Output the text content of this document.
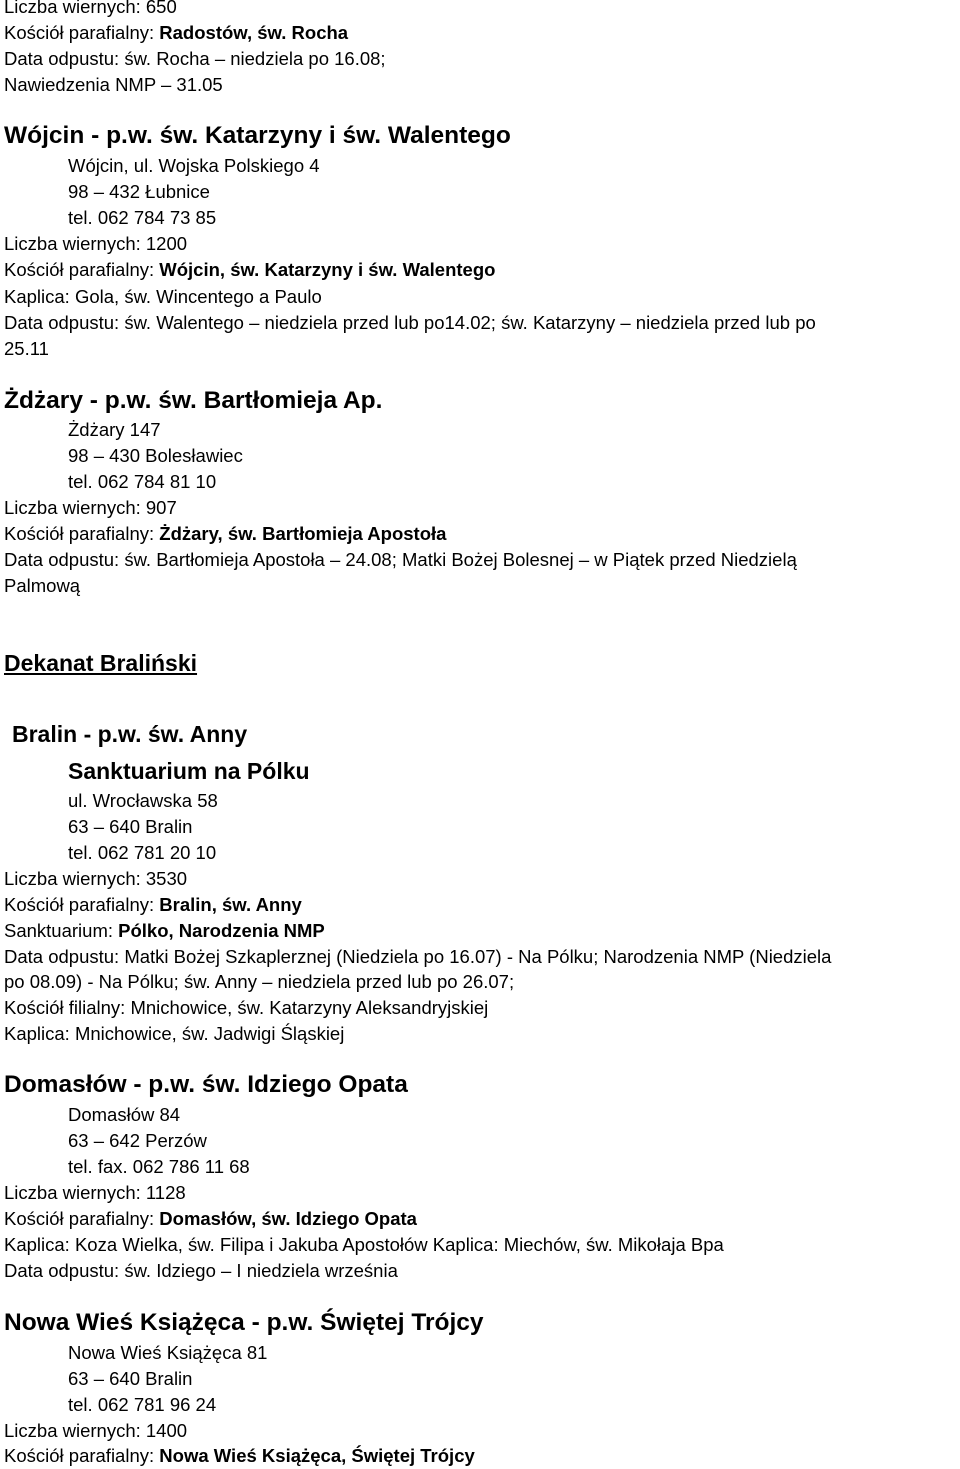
Liczba wiernych: 650
Kościół parafialny: Radostów, św. Rocha
Data odpustu: św. Rocha – niedziela po 16.08;
Nawiedzenia NMP – 31.05
Wójcin - p.w. św. Katarzyny i św. Walentego
Wójcin, ul. Wojska Polskiego 4
98 – 432 Łubnice
tel. 062 784 73 85
Liczba wiernych: 1200
Kościół parafialny: Wójcin, św. Katarzyny i św. Walentego
Kaplica: Gola, św. Wincentego a Paulo
Data odpustu: św. Walentego – niedziela przed lub po14.02; św. Katarzyny – niedziela przed lub po
25.11
Żdżary - p.w. św. Bartłomieja Ap.
Żdżary 147
98 – 430 Bolesławiec
tel. 062 784 81 10
Liczba wiernych: 907
Kościół parafialny: Żdżary, św. Bartłomieja Apostoła
Data odpustu: św. Bartłomieja Apostoła – 24.08; Matki Bożej Bolesnej – w Piątek przed Niedzielą
Palmową
Dekanat Braliński
Bralin - p.w. św. Anny
Sanktuarium na Pólku
ul. Wrocławska 58
63 – 640 Bralin
tel. 062 781 20 10
Liczba wiernych: 3530
Kościół parafialny: Bralin, św. Anny
Sanktuarium: Pólko, Narodzenia NMP
Data odpustu: Matki Bożej Szkaplerznej (Niedziela po 16.07) - Na Pólku; Narodzenia NMP (Niedziela
po 08.09) - Na Pólku; św. Anny – niedziela przed lub po 26.07;
Kościół filialny: Mnichowice, św. Katarzyny Aleksandryjskiej
Kaplica: Mnichowice, św. Jadwigi Śląskiej
Domasłów - p.w. św. Idziego Opata
Domasłów 84
63 – 642 Perzów
tel. fax. 062 786 11 68
Liczba wiernych: 1128
Kościół parafialny: Domasłów, św. Idziego Opata
Kaplica: Koza Wielka, św. Filipa i Jakuba Apostołów Kaplica: Miechów, św. Mikołaja Bpa
Data odpustu: św. Idziego – I niedziela września
Nowa Wieś Książęca - p.w. Świętej Trójcy
Nowa Wieś Książęca 81
63 – 640 Bralin
tel. 062 781 96 24
Liczba wiernych: 1400
Kościół parafialny: Nowa Wieś Książęca, Świętej Trójcy
